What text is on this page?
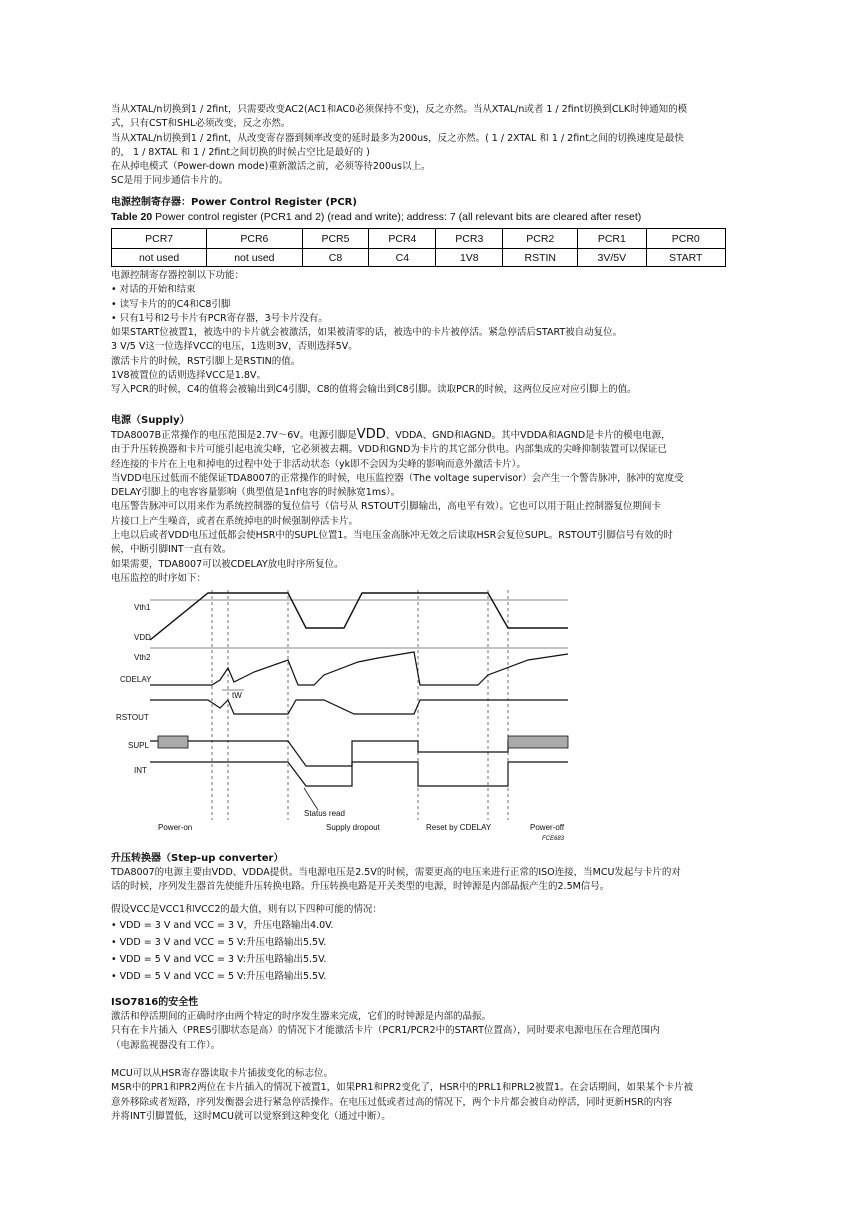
当从XTAL/n切换到1 / 2fint，只需要改变AC2(AC1和AC0必须保持不变)，反之亦然。当从XTAL/n或者 1 / 2fint切换到CLK时钟通知的模

式，只有CST和SHL必须改变，反之亦然。

当从XTAL/n切换到1 / 2fint，从改变寄存器到频率改变的延时最多为200us，反之亦然。( 1 / 2XTAL 和 1 / 2fint之间的切换速度是最快

的， 1 / 8XTAL 和 1 / 2fint之间切换的时候占空比是最好的 )

在从掉电模式（Power-down mode)重新激活之前，必须等待200us以上。

SC是用于同步通信卡片的。

电源控制寄存器：Power Control Register (PCR)

Table 20 Power control register (PCR1 and 2) (read and write); address: 7 (all relevant bits are cleared after reset)

PCR7	PCR6	PCR5	PCR4	PCR3	PCR2	PCR1	PCR0
not used	not used	C8	C4	1V8	RSTIN	3V/5V	START

电源控制寄存器控制以下功能：

• 对话的开始和结束

• 读写卡片的的C4和C8引脚

• 只有1号和2号卡片有PCR寄存器，3号卡片没有。

如果START位被置1，被选中的卡片就会被激活，如果被清零的话，被选中的卡片被停活。紧急停活后START被自动复位。

3 V/5 V这一位选择VCC的电压，1选则3V，否则选择5V。

激活卡片的时候，RST引脚上是RSTIN的值。

1V8被置位的话则选择VCC是1.8V。

写入PCR的时候，C4的值将会被输出到C4引脚，C8的值将会输出到C8引脚。读取PCR的时候，这两位反应对应引脚上的值。

电源（Supply）

TDA8007B正常操作的电压范围是2.7V～6V。电源引脚是VDD、VDDA、GND和AGND。其中VDDA和AGND是卡片的模电电源，

由于升压转换器和卡片可能引起电流尖峰，它必须被去耦。VDD和GND为卡片的其它部分供电。内部集成的尖峰抑制装置可以保证已

经连接的卡片在上电和掉电的过程中处于非活动状态（yk即不会因为尖峰的影响而意外激活卡片）。

当VDD电压过低而不能保证TDA8007的正常操作的时候，电压监控器（The voltage supervisor）会产生一个警告脉冲，脉冲的宽度受

DELAY引脚上的电容容量影响（典型值是1nf电容的时候脉宽1ms）。

电压警告脉冲可以用来作为系统控制器的复位信号（信号从 RSTOUT引脚输出，高电平有效）。它也可以用于阻止控制器复位期间卡

片接口上产生噪音，或者在系统掉电的时候强制停活卡片。

上电以后或者VDD电压过低都会使HSR中的SUPL位置1。当电压金高脉冲无效之后读取HSR会复位SUPL。RSTOUT引脚信号有效的时

候，中断引脚INT一直有效。

如果需要，TDA8007可以被CDELAY放电时序所复位。

电压监控的时序如下：

升压转换器（Step-up converter）

TDA8007的电源主要由VDD、VDDA提供。当电源电压是2.5V的时候，需要更高的电压来进行正常的ISO连接，当MCU发起与卡片的对

话的时候，序列发生器首先使能升压转换电路。升压转换电路是开关类型的电源，时钟源是内部晶振产生的2.5M信号。

假设VCC是VCC1和VCC2的最大值，则有以下四种可能的情况：

• VDD = 3 V and VCC = 3 V，升压电路输出4.0V.

• VDD = 3 V and VCC = 5 V:升压电路输出5.5V.

• VDD = 5 V and VCC = 3 V:升压电路输出5.5V.

• VDD = 5 V and VCC = 5 V:升压电路输出5.5V.

ISO7816的安全性

激活和停活期间的正确时序由两个特定的时序发生器来完成，它们的时钟源是内部的晶振。

只有在卡片插入（PRES引脚状态是高）的情况下才能激活卡片（PCR1/PCR2中的START位置高），同时要求电源电压在合理范围内

（电源监视器没有工作）。

MCU可以从HSR寄存器读取卡片插拔变化的标志位。

MSR中的PR1和PR2两位在卡片插入的情况下被置1，如果PR1和PR2变化了，HSR中的PRL1和PRL2被置1。在会话期间，如果某个卡片被

意外移除或者短路，序列发衡器会进行紧急停活操作。在电压过低或者过高的情况下，两个卡片都会被自动停活，同时更新HSR的内容

并将INT引脚置低，这时MCU就可以觉察到这种变化（通过中断）。

Vth1
VDD
Vth2
CDELAY
tW
RSTOUT
SUPL
INT
Status read
Power-on	Supply dropout	Reset by CDELAY	Power-off
FCE683
